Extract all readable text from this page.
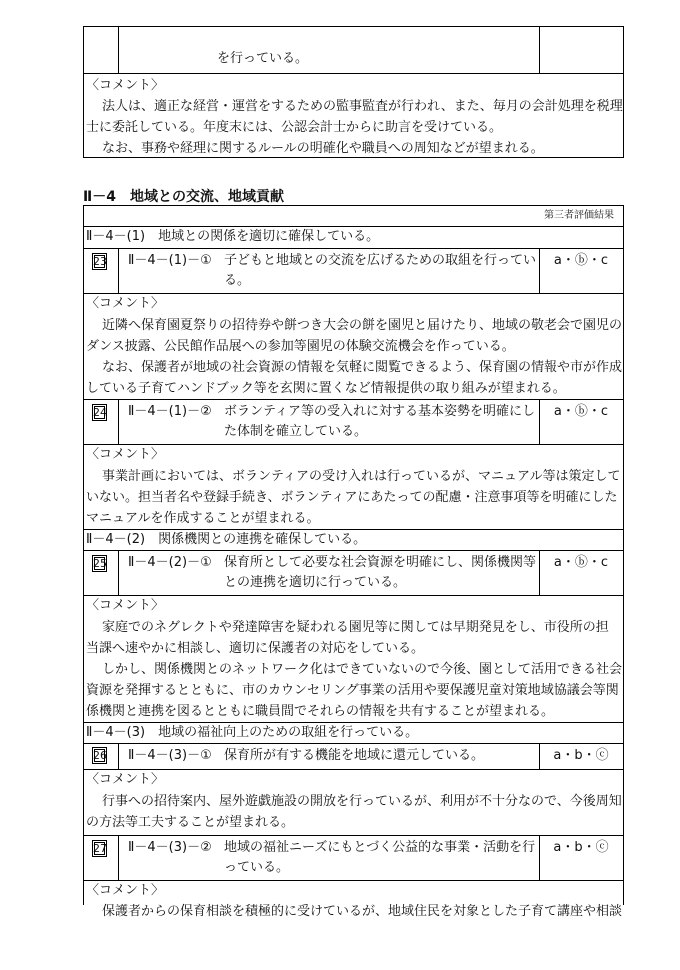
を行っている。
〈コメント〉
法人は、適正な経営・運営をするための監事監査が行われ、また、毎月の会計処理を税理
士に委託している。年度末には、公認会計士からに助言を受けている。
なお、事務や経理に関するルールの明確化や職員への周知などが望まれる。
Ⅱ－4　地域との交流、地域貢献
第三者評価結果
Ⅱ－4－(1)　地域との関係を適切に確保している。
23 Ⅱ－4－(1)－① 子どもと地域との交流を広げるための取組を行ってい
る。
a・ⓑ・c
〈コメント〉
近隣へ保育園夏祭りの招待券や餅つき大会の餅を園児と届けたり、地域の敬老会で園児の
ダンス披露、公民館作品展への参加等園児の体験交流機会を作っている。
なお、保護者が地域の社会資源の情報を気軽に閲覧できるよう、保育園の情報や市が作成
している子育てハンドブック等を玄関に置くなど情報提供の取り組みが望まれる。
24 Ⅱ－4－(1)－② ボランティア等の受入れに対する基本姿勢を明確にし
た体制を確立している。
a・ⓑ・c
〈コメント〉
事業計画においては、ボランティアの受け入れは行っているが、マニュアル等は策定して
いない。担当者名や登録手続き、ボランティアにあたっての配慮・注意事項等を明確にした
マニュアルを作成することが望まれる。
Ⅱ－4－(2)　関係機関との連携を確保している。
25 Ⅱ－4－(2)－① 保育所として必要な社会資源を明確にし、関係機関等
との連携を適切に行っている。
a・ⓑ・c
〈コメント〉
家庭でのネグレクトや発達障害を疑われる園児等に関しては早期発見をし、市役所の担
当課へ速やかに相談し、適切に保護者の対応をしている。
しかし、関係機関とのネットワーク化はできていないので今後、園として活用できる社会
資源を発揮するとともに、市のカウンセリング事業の活用や要保護児童対策地域協議会等関
係機関と連携を図るとともに職員間でそれらの情報を共有することが望まれる。
Ⅱ－4－(3)　地域の福祉向上のための取組を行っている。
26 Ⅱ－4－(3)－① 保育所が有する機能を地域に還元している。	a・b・ⓒ
〈コメント〉
行事への招待案内、屋外遊戯施設の開放を行っているが、利用が不十分なので、今後周知
の方法等工夫することが望まれる。
27 Ⅱ－4－(3)－② 地域の福祉ニーズにもとづく公益的な事業・活動を行
っている。
a・b・ⓒ
〈コメント〉
保護者からの保育相談を積極的に受けているが、地域住民を対象とした子育て講座や相談
